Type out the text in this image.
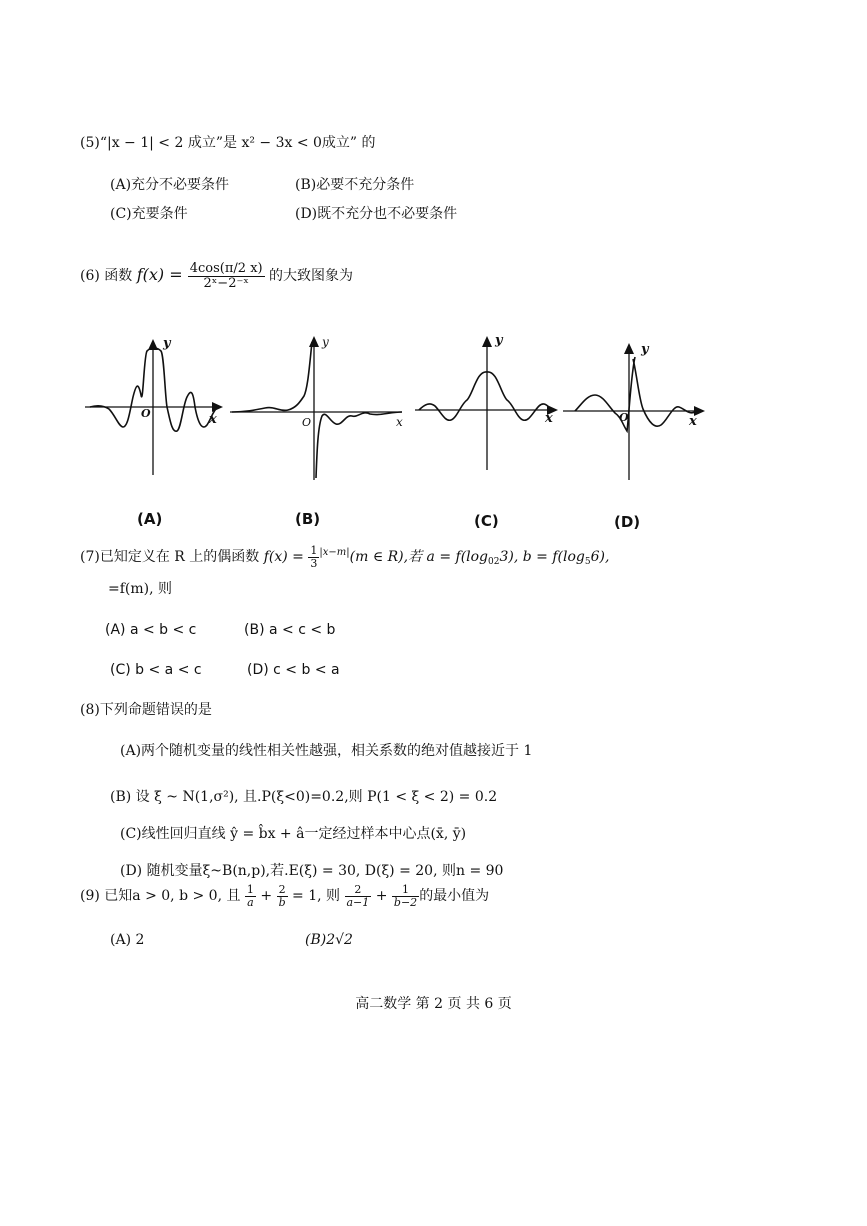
(5)“|x − 1| < 2 成立”是 x² − 3x < 0成立” 的
(A)充分不必要条件	(B)必要不充分条件
(C)充要条件	(D)既不充分也不必要条件
(6) 函数 $f(x) = \frac{4\cos(\pi/2 x)}{\text{2ˣ−2⁻ˣ}}$ 的大致图象为
y
O	x
y
O	x
y
x
y
O	x
(A)	(B)	(C)	(D)
(7)已知定义在 R 上的偶函数 $f(x) = \frac{1}{3} ^{|x-m|}(m$ ∈ R),若 $a = f(\log_{02}3)$, $b = f(\log_56)$,
=f(m), 则
(A) a < b < c	(B) a < c < b
(C) b < a < c	(D) c < b < a
(8)下列命题错误的是
(A)两个随机变量的线性相关性越强，相关系数的绝对值越接近于 1
(B) 设 ξ ~ N(1,σ²), 且.P(ξ<0)=0.2,则 P(1 < ξ < 2) = 0.2
(C)线性回归直线 ŷ = b̂x + â一定经过样本中心点(x̄, ȳ)
(D) 随机变量ξ~B(n,p),若.E(ξ) = 30, D(ξ) = 20, 则n = 90
(9) 已知a > 0, b > 0, 且 $\frac{1}{a} + \frac{2}{b} = 1$, 则 $\frac{2}{a-1} + \frac{1}{b-2}$ 的最小值为
(A) 2	(B)2√2
高二数学 第 2 页 共 6 页
